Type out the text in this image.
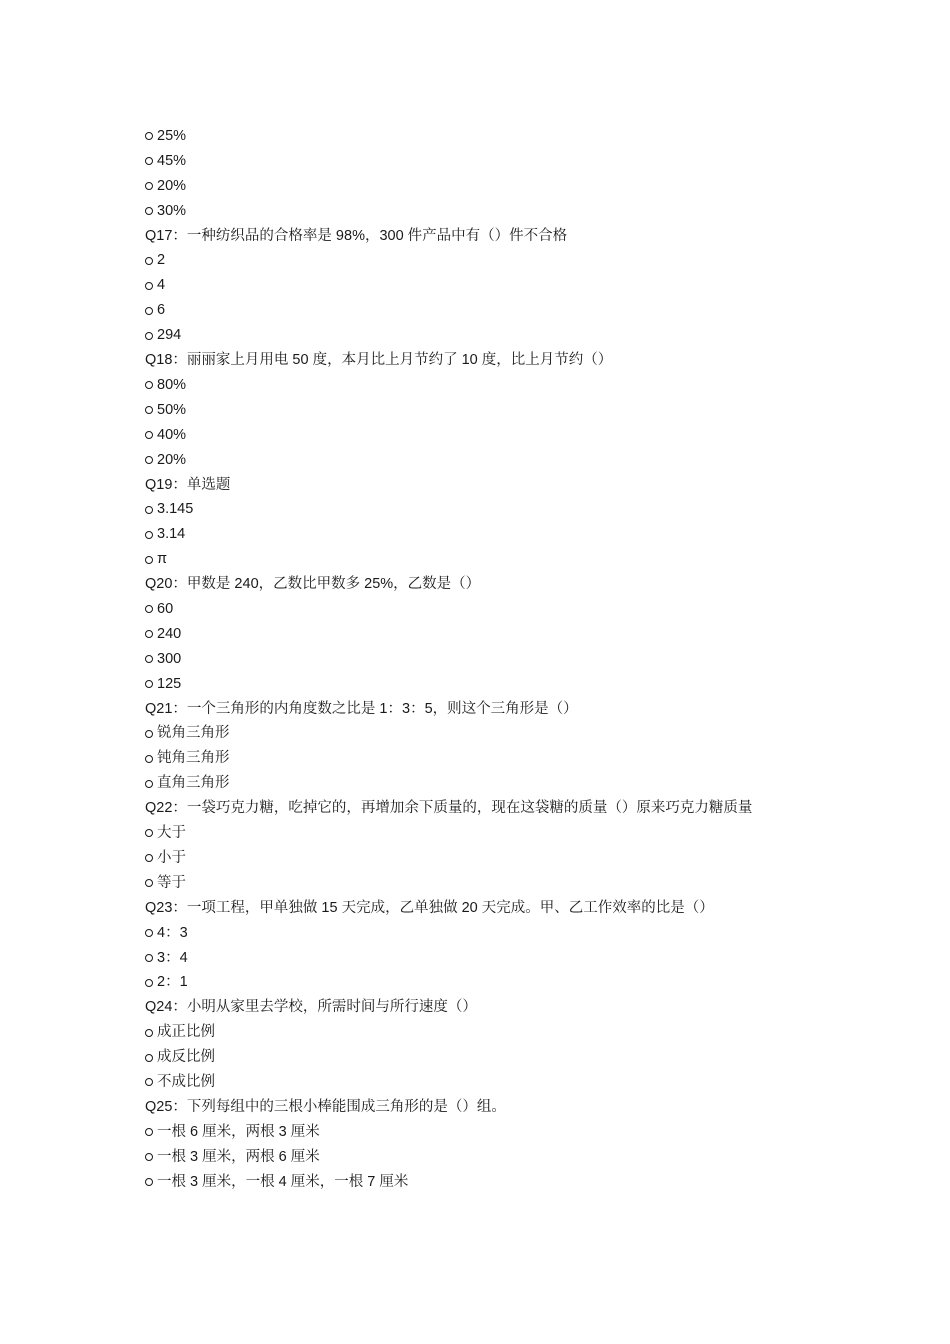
25%
45%
20%
30%
Q17：一种纺织品的合格率是 98%，300 件产品中有（）件不合格
2
4
6
294
Q18：丽丽家上月用电 50 度，本月比上月节约了 10 度，比上月节约（）
80%
50%
40%
20%
Q19：单选题
3.145
3.14
π
Q20：甲数是 240，乙数比甲数多 25%，乙数是（）
60
240
300
125
Q21：一个三角形的内角度数之比是 1：3：5，则这个三角形是（）
锐角三角形
钝角三角形
直角三角形
Q22：一袋巧克力糖，吃掉它的，再增加余下质量的，现在这袋糖的质量（）原来巧克力糖质量
大于
小于
等于
Q23：一项工程，甲单独做 15 天完成，乙单独做 20 天完成。甲、乙工作效率的比是（）
4：3
3：4
2：1
Q24：小明从家里去学校，所需时间与所行速度（）
成正比例
成反比例
不成比例
Q25：下列每组中的三根小棒能围成三角形的是（）组。
一根 6 厘米，两根 3 厘米
一根 3 厘米，两根 6 厘米
一根 3 厘米，一根 4 厘米，一根 7 厘米
